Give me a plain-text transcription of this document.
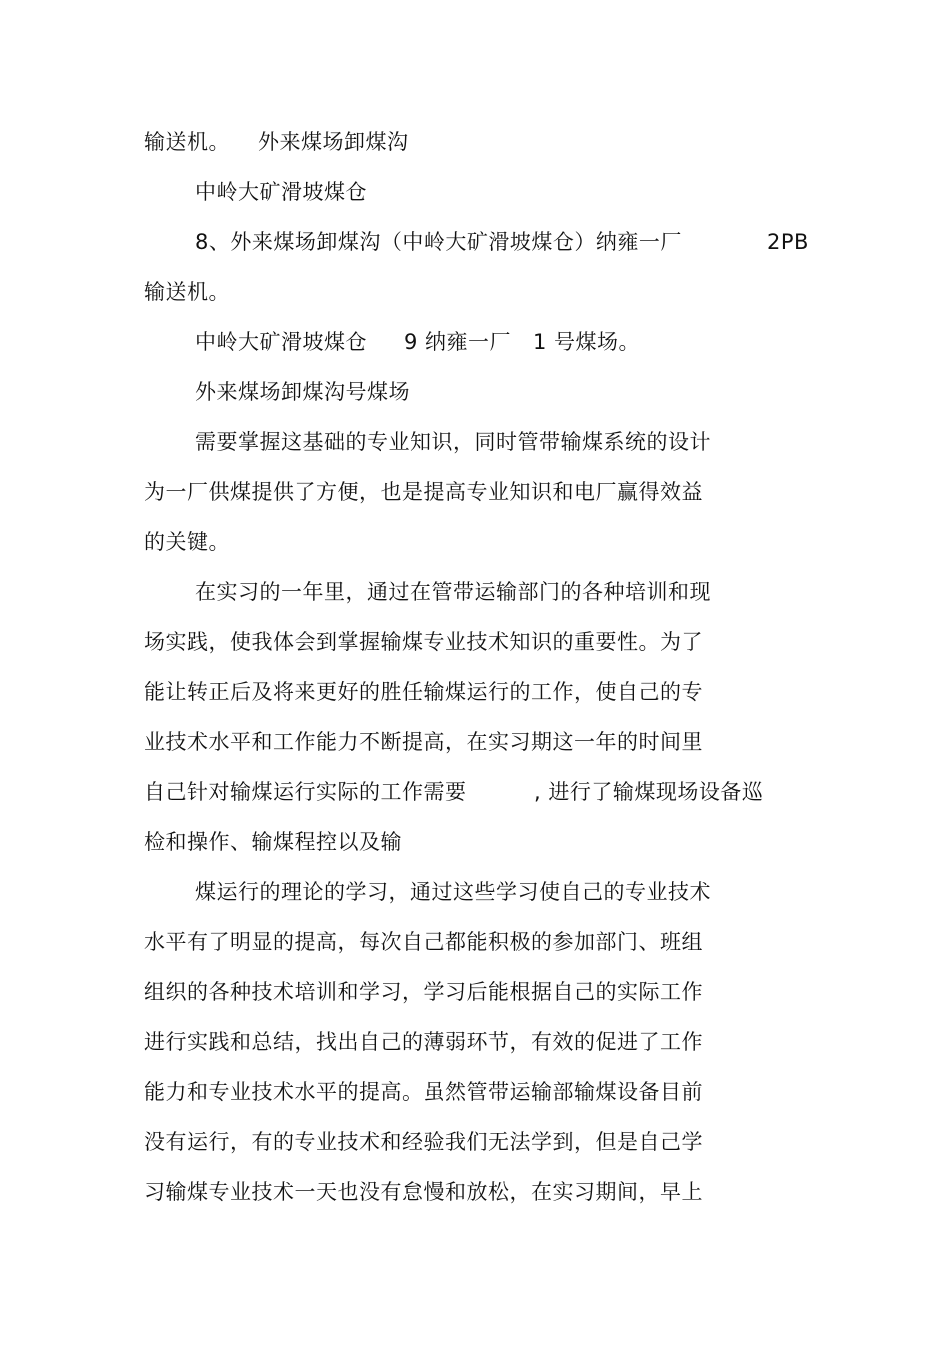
输送机。 外来煤场卸煤沟
中岭大矿滑坡煤仓
8、外来煤场卸煤沟（中岭大矿滑坡煤仓）纳雍一厂	2PB
输送机。
中岭大矿滑坡煤仓 9 纳雍一厂 1 号煤场。
外来煤场卸煤沟号煤场
需要掌握这基础的专业知识，同时管带输煤系统的设计
为一厂供煤提供了方便，也是提高专业知识和电厂赢得效益
的关键。
在实习的一年里，通过在管带运输部门的各种培训和现
场实践，使我体会到掌握输煤专业技术知识的重要性。为了
能让转正后及将来更好的胜任输煤运行的工作，使自己的专
业技术水平和工作能力不断提高，在实习期这一年的时间里
自己针对输煤运行实际的工作需要	, 进行了输煤现场设备巡
检和操作、输煤程控以及输
煤运行的理论的学习，通过这些学习使自己的专业技术
水平有了明显的提高，每次自己都能积极的参加部门、班组
组织的各种技术培训和学习，学习后能根据自己的实际工作
进行实践和总结，找出自己的薄弱环节，有效的促进了工作
能力和专业技术水平的提高。虽然管带运输部输煤设备目前
没有运行，有的专业技术和经验我们无法学到，但是自己学
习输煤专业技术一天也没有怠慢和放松，在实习期间，早上
